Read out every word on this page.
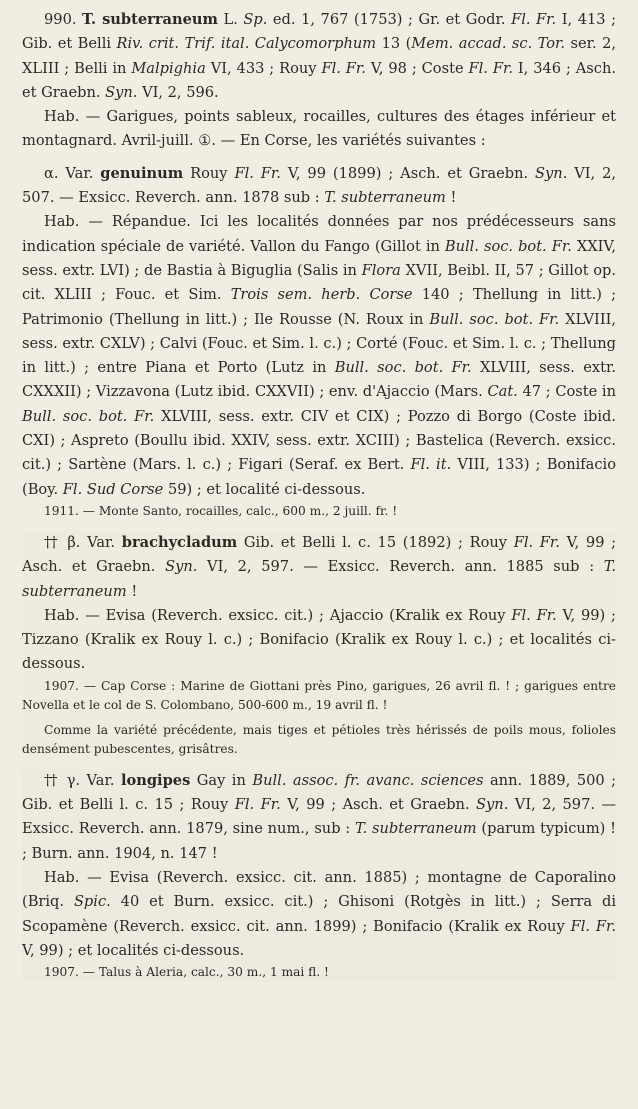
990. T. subterraneum L. Sp. ed. 1, 767 (1753) ; Gr. et Godr. Fl. Fr. I, 413 ; Gib. et Belli Riv. crit. Trif. ital. Calycomorphum 13 (Mem. accad. sc. Tor. ser. 2, XLIII ; Belli in Malpighia VI, 433 ; Rouy Fl. Fr. V, 98 ; Coste Fl. Fr. I, 346 ; Asch. et Graebn. Syn. VI, 2, 596.

Hab. — Garigues, points sableux, rocailles, cultures des étages inférieur et montagnard. Avril-juill. ①. — En Corse, les variétés suivantes :

α. Var. genuinum Rouy Fl. Fr. V, 99 (1899) ; Asch. et Graebn. Syn. VI, 2, 507. — Exsicc. Reverch. ann. 1878 sub : T. subterraneum !

Hab. — Répandue. Ici les localités données par nos prédécesseurs sans indication spéciale de variété. Vallon du Fango (Gillot in Bull. soc. bot. Fr. XXIV, sess. extr. LVI) ; de Bastia à Biguglia (Salis in Flora XVII, Beibl. II, 57 ; Gillot op. cit. XLIII ; Fouc. et Sim. Trois sem. herb. Corse 140 ; Thellung in litt.) ; Patrimonio (Thellung in litt.) ; Ile Rousse (N. Roux in Bull. soc. bot. Fr. XLVIII, sess. extr. CXLV) ; Calvi (Fouc. et Sim. l. c.) ; Corté (Fouc. et Sim. l. c. ; Thellung in litt.) ; entre Piana et Porto (Lutz in Bull. soc. bot. Fr. XLVIII, sess. extr. CXXXII) ; Vizzavona (Lutz ibid. CXXVII) ; env. d'Ajaccio (Mars. Cat. 47 ; Coste in Bull. soc. bot. Fr. XLVIII, sess. extr. CIV et CIX) ; Pozzo di Borgo (Coste ibid. CXI) ; Aspreto (Boullu ibid. XXIV, sess. extr. XCIII) ; Bastelica (Reverch. exsicc. cit.) ; Sartène (Mars. l. c.) ; Figari (Seraf. ex Bert. Fl. it. VIII, 133) ; Bonifacio (Boy. Fl. Sud Corse 59) ; et localité ci-dessous.

1911. — Monte Santo, rocailles, calc., 600 m., 2 juill. fr. !

†† β. Var. brachycladum Gib. et Belli l. c. 15 (1892) ; Rouy Fl. Fr. V, 99 ; Asch. et Graebn. Syn. VI, 2, 597. — Exsicc. Reverch. ann. 1885 sub : T. subterraneum !

Hab. — Evisa (Reverch. exsicc. cit.) ; Ajaccio (Kralik ex Rouy Fl. Fr. V, 99) ; Tizzano (Kralik ex Rouy l. c.) ; Bonifacio (Kralik ex Rouy l. c.) ; et localités ci-dessous.

1907. — Cap Corse : Marine de Giottani près Pino, garigues, 26 avril fl. ! ; garigues entre Novella et le col de S. Colombano, 500-600 m., 19 avril fl. !

Comme la variété précédente, mais tiges et pétioles très hérissés de poils mous, folioles densément pubescentes, grisâtres.

†† γ. Var. longipes Gay in Bull. assoc. fr. avanc. sciences ann. 1889, 500 ; Gib. et Belli l. c. 15 ; Rouy Fl. Fr. V, 99 ; Asch. et Graebn. Syn. VI, 2, 597. — Exsicc. Reverch. ann. 1879, sine num., sub : T. subterraneum (parum typicum) ! ; Burn. ann. 1904, n. 147 !

Hab. — Evisa (Reverch. exsicc. cit. ann. 1885) ; montagne de Caporalino (Briq. Spic. 40 et Burn. exsicc. cit.) ; Ghisoni (Rotgès in litt.) ; Serra di Scopamène (Reverch. exsicc. cit. ann. 1899) ; Bonifacio (Kralik ex Rouy Fl. Fr. V, 99) ; et localités ci-dessous.

1907. — Talus à Aleria, calc., 30 m., 1 mai fl. !
